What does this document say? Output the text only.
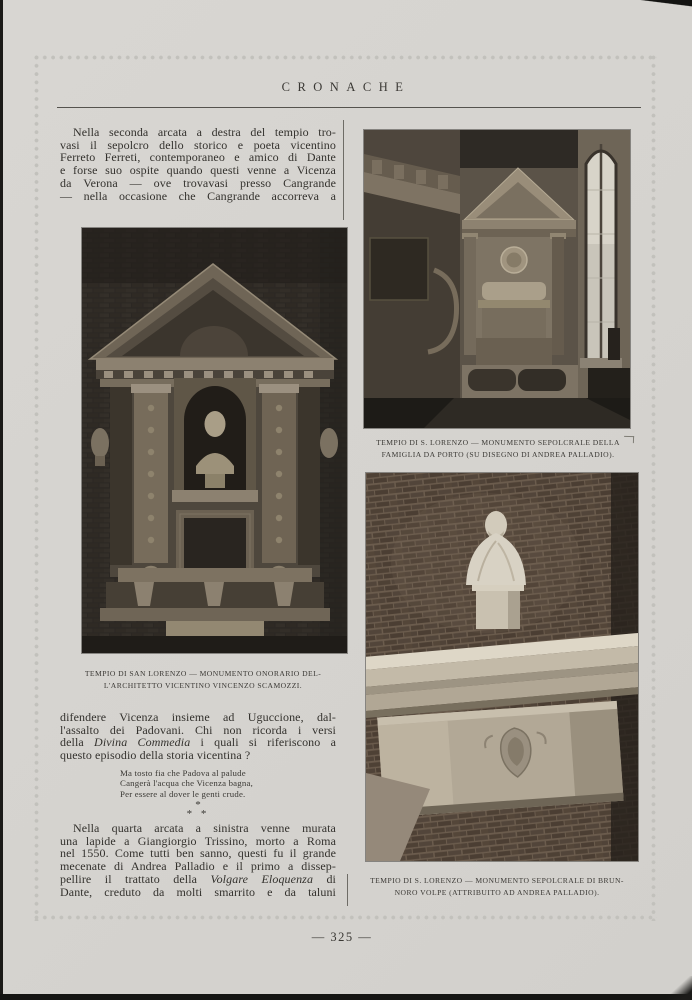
CRONACHE
Nella seconda arcata a destra del tempio tro-
vasi il sepolcro dello storico e poeta vicentino
Ferreto Ferreti, contemporaneo e amico di Dante
e forse suo ospite quando questi venne a Vicenza
da Verona — ove trovavasi presso Cangrande
— nella occasione che Cangrande accorreva a
TEMPIO DI SAN LORENZO — MONUMENTO ONORARIO DEL-
L'ARCHITETTO VICENTINO VINCENZO SCAMOZZI.
difendere Vicenza insieme ad Uguccione, dal-
l'assalto dei Padovani. Chi non ricorda i versi
della Divina Commedia i quali si riferiscono a
questo episodio della storia vicentina ?
Ma tosto fia che Padova al palude
Cangerà l'acqua che Vicenza bagna,
Per essere al dover le genti crude.
*
* *
Nella quarta arcata a sinistra venne murata
una lapide a Giangiorgio Trissino, morto a Roma
nel 1550. Come tutti ben sanno, questi fu il grande
mecenate di Andrea Palladio e il primo a dissep-
pellire il trattato della Volgare Eloquenza di
Dante, creduto da molti smarrito e da taluni
TEMPIO DI S. LORENZO — MONUMENTO SEPOLCRALE DELLA
FAMIGLIA DA PORTO (SU DISEGNO DI ANDREA PALLADIO).
TEMPIO DI S. LORENZO — MONUMENTO SEPOLCRALE DI BRUN-
NORO VOLPE (ATTRIBUITO AD ANDREA PALLADIO).
— 325 —
